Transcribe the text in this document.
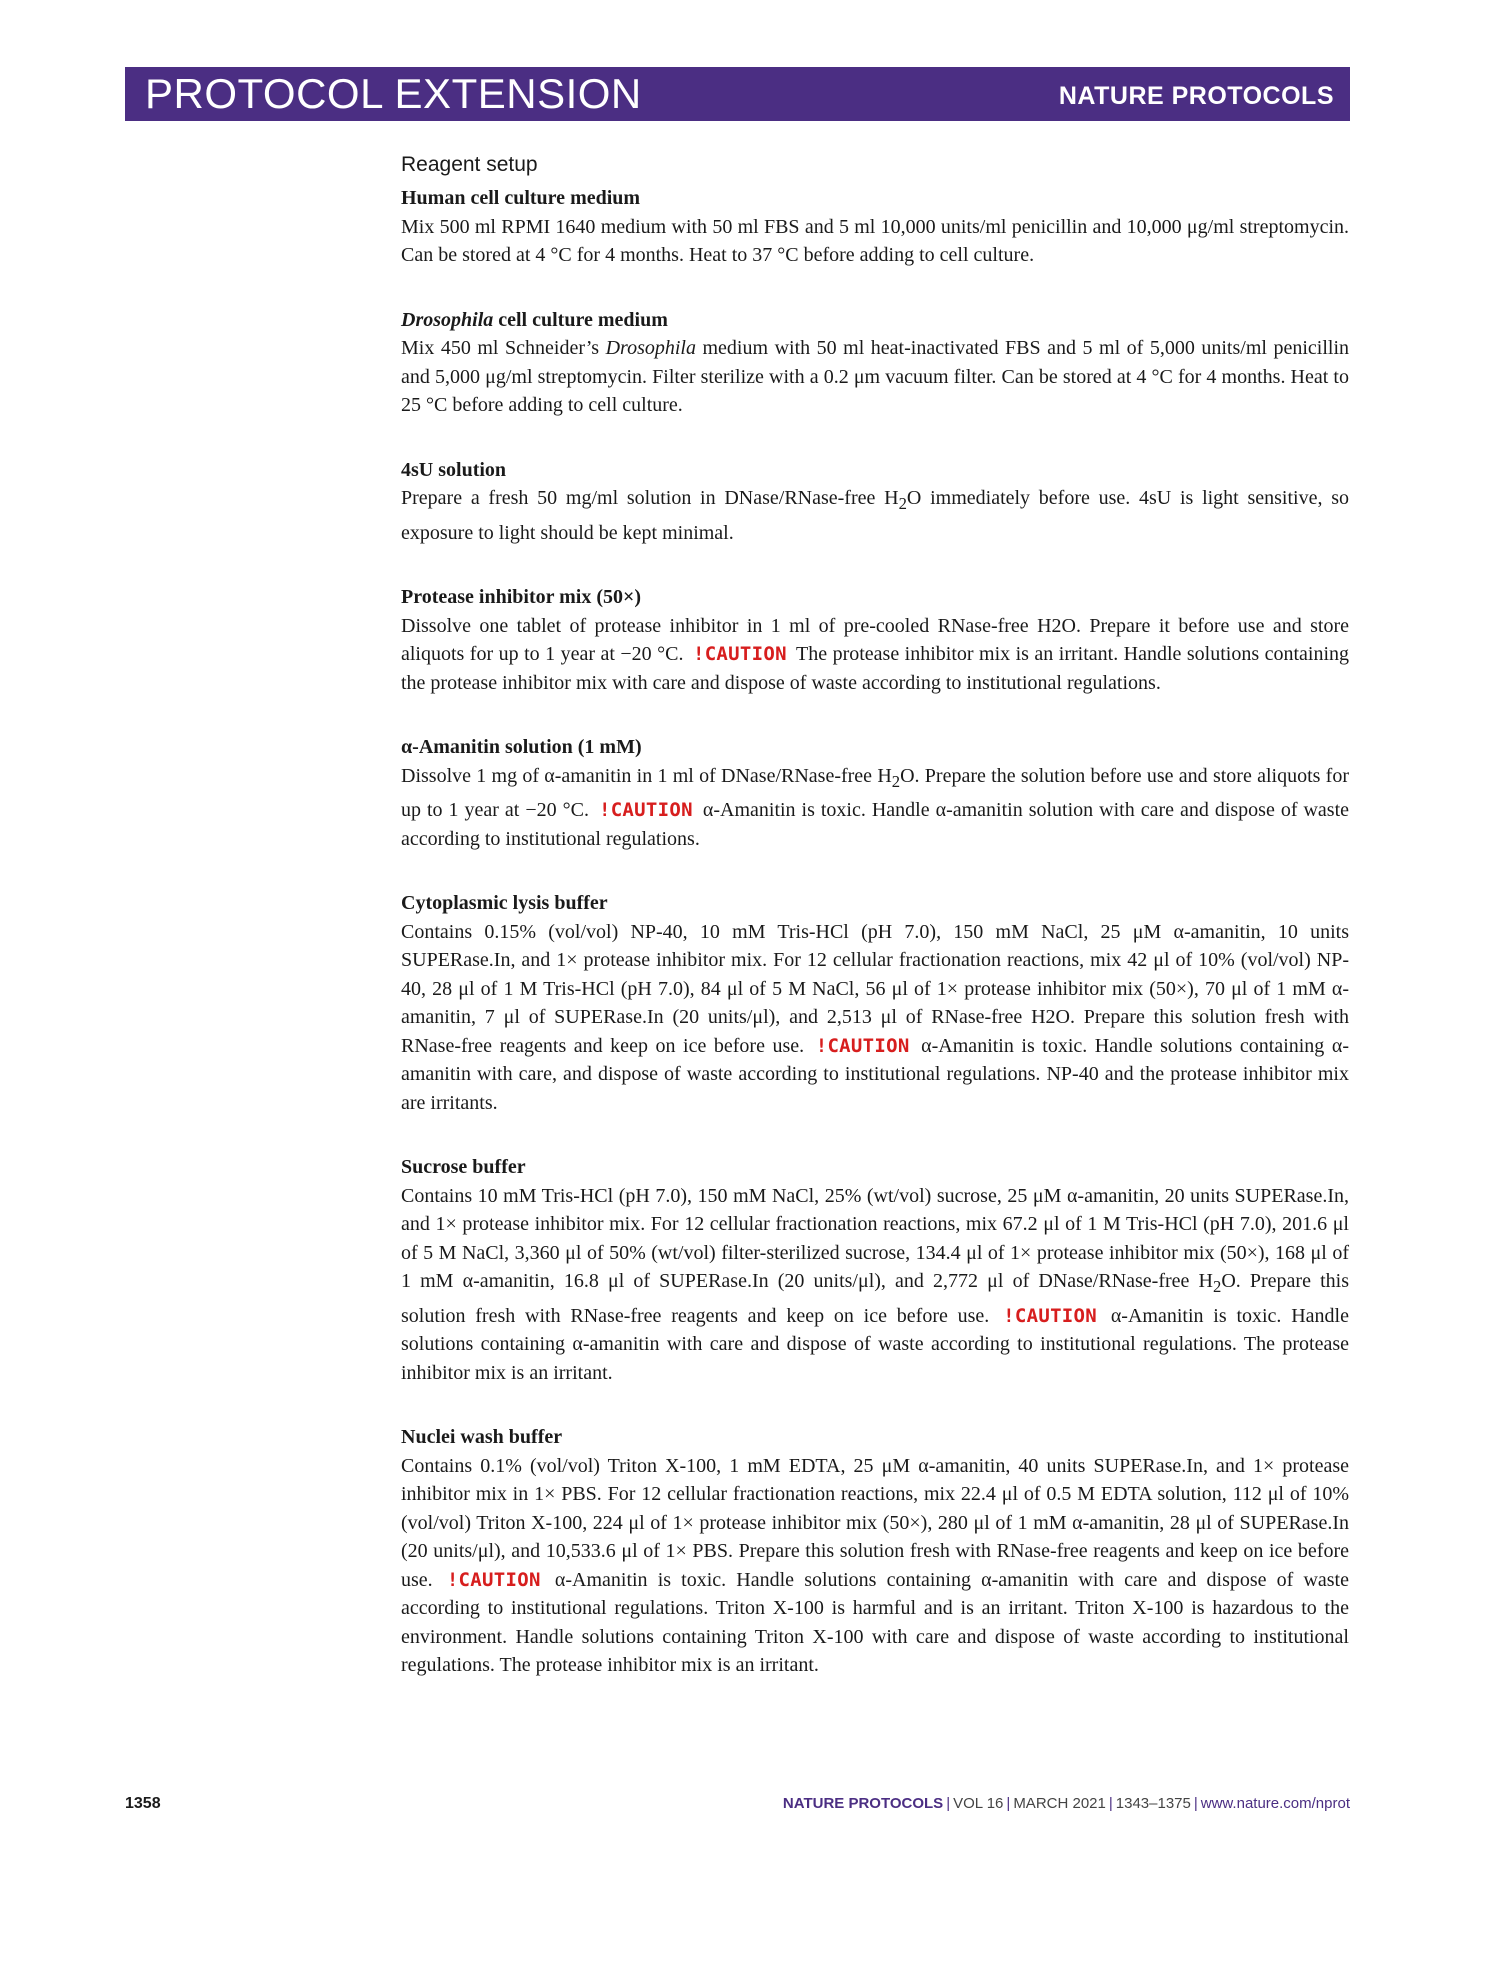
PROTOCOL EXTENSION	NATURE PROTOCOLS
Reagent setup
Human cell culture medium
Mix 500 ml RPMI 1640 medium with 50 ml FBS and 5 ml 10,000 units/ml penicillin and 10,000 μg/ml streptomycin. Can be stored at 4 °C for 4 months. Heat to 37 °C before adding to cell culture.
Drosophila cell culture medium
Mix 450 ml Schneider’s Drosophila medium with 50 ml heat-inactivated FBS and 5 ml of 5,000 units/ml penicillin and 5,000 μg/ml streptomycin. Filter sterilize with a 0.2 μm vacuum filter. Can be stored at 4 °C for 4 months. Heat to 25 °C before adding to cell culture.
4sU solution
Prepare a fresh 50 mg/ml solution in DNase/RNase-free $H_2O$ immediately before use. 4sU is light sensitive, so exposure to light should be kept minimal.
Protease inhibitor mix (50×)
Dissolve one tablet of protease inhibitor in 1 ml of pre-cooled RNase-free H2O. Prepare it before use and store aliquots for up to 1 year at −20 °C. !CAUTION The protease inhibitor mix is an irritant. Handle solutions containing the protease inhibitor mix with care and dispose of waste according to institutional regulations.
α-Amanitin solution (1 mM)
Dissolve 1 mg of α-amanitin in 1 ml of DNase/RNase-free $H_2O$. Prepare the solution before use and store aliquots for up to 1 year at −20 °C. !CAUTION α-Amanitin is toxic. Handle α-amanitin solution with care and dispose of waste according to institutional regulations.
Cytoplasmic lysis buffer
Contains 0.15% (vol/vol) NP-40, 10 mM Tris-HCl (pH 7.0), 150 mM NaCl, 25 μM α-amanitin, 10 units SUPERase.In, and 1× protease inhibitor mix. For 12 cellular fractionation reactions, mix 42 μl of 10% (vol/vol) NP-40, 28 μl of 1 M Tris-HCl (pH 7.0), 84 μl of 5 M NaCl, 56 μl of 1× protease inhibitor mix (50×), 70 μl of 1 mM α-amanitin, 7 μl of SUPERase.In (20 units/μl), and 2,513 μl of RNase-free H2O. Prepare this solution fresh with RNase-free reagents and keep on ice before use. !CAUTION α-Amanitin is toxic. Handle solutions containing α-amanitin with care, and dispose of waste according to institutional regulations. NP-40 and the protease inhibitor mix are irritants.
Sucrose buffer
Contains 10 mM Tris-HCl (pH 7.0), 150 mM NaCl, 25% (wt/vol) sucrose, 25 μM α-amanitin, 20 units SUPERase.In, and 1× protease inhibitor mix. For 12 cellular fractionation reactions, mix 67.2 μl of 1 M Tris-HCl (pH 7.0), 201.6 μl of 5 M NaCl, 3,360 μl of 50% (wt/vol) filter-sterilized sucrose, 134.4 μl of 1× protease inhibitor mix (50×), 168 μl of 1 mM α-amanitin, 16.8 μl of SUPERase.In (20 units/μl), and 2,772 μl of DNase/RNase-free $H_2O$. Prepare this solution fresh with RNase-free reagents and keep on ice before use. !CAUTION α-Amanitin is toxic. Handle solutions containing α-amanitin with care and dispose of waste according to institutional regulations. The protease inhibitor mix is an irritant.
Nuclei wash buffer
Contains 0.1% (vol/vol) Triton X-100, 1 mM EDTA, 25 μM α-amanitin, 40 units SUPERase.In, and 1× protease inhibitor mix in 1× PBS. For 12 cellular fractionation reactions, mix 22.4 μl of 0.5 M EDTA solution, 112 μl of 10% (vol/vol) Triton X-100, 224 μl of 1× protease inhibitor mix (50×), 280 μl of 1 mM α-amanitin, 28 μl of SUPERase.In (20 units/μl), and 10,533.6 μl of 1× PBS. Prepare this solution fresh with RNase-free reagents and keep on ice before use. !CAUTION α-Amanitin is toxic. Handle solutions containing α-amanitin with care and dispose of waste according to institutional regulations. Triton X-100 is harmful and is an irritant. Triton X-100 is hazardous to the environment. Handle solutions containing Triton X-100 with care and dispose of waste according to institutional regulations. The protease inhibitor mix is an irritant.
1358	NATURE PROTOCOLS | VOL 16 | MARCH 2021 | 1343–1375 | www.nature.com/nprot
